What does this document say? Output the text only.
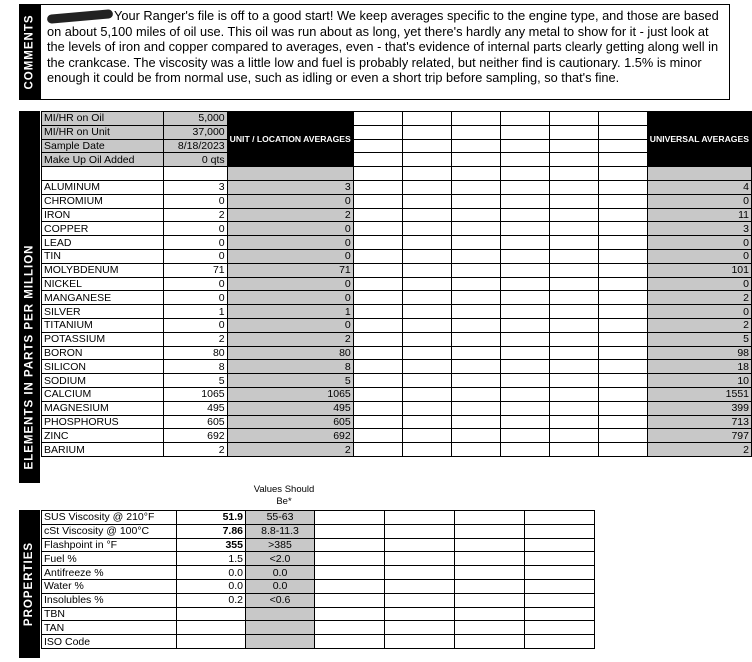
COMMENTS	Your Ranger's file is off to a good start! We keep averages specific to the engine type, and those are based on about 5,100 miles of oil use. This oil was run about as long, yet there's hardly any metal to show for it - just look at the levels of iron and copper compared to averages, even - that's evidence of internal parts clearly getting along well in the crankcase. The viscosity was a little low and fuel is probably related, but neither find is cautionary. 1.5% is minor enough it could be from normal use, such as idling or even a short trip before sampling, so that's fine.
ELEMENTS IN PARTS PER MILLION
MI/HR on Oil	5,000	UNIT / LOCATION AVERAGES							UNIVERSAL AVERAGES
MI/HR on Unit	37,000								
Sample Date	8/18/2023								
Make Up Oil Added	0 qts								

ALUMINUM	3	3							4
CHROMIUM	0	0							0
IRON	2	2							11
COPPER	0	0							3
LEAD	0	0							0
TIN	0	0							0
MOLYBDENUM	71	71							101
NICKEL	0	0							0
MANGANESE	0	0							2
SILVER	1	1							0
TITANIUM	0	0							2
POTASSIUM	2	2							5
BORON	80	80							98
SILICON	8	8							18
SODIUM	5	5							10
CALCIUM	1065	1065							1551
MAGNESIUM	495	495							399
PHOSPHORUS	605	605							713
ZINC	692	692							797
BARIUM	2	2							2
Values Should Be*
PROPERTIES
SUS Viscosity @ 210°F	51.9	55-63				
cSt Viscosity @ 100°C	7.86	8.8-11.3				
Flashpoint in °F	355	>385				
Fuel %	1.5	<2.0				
Antifreeze %	0.0	0.0				
Water %	0.0	0.0				
Insolubles %	0.2	<0.6				
TBN						
TAN						
ISO Code						
